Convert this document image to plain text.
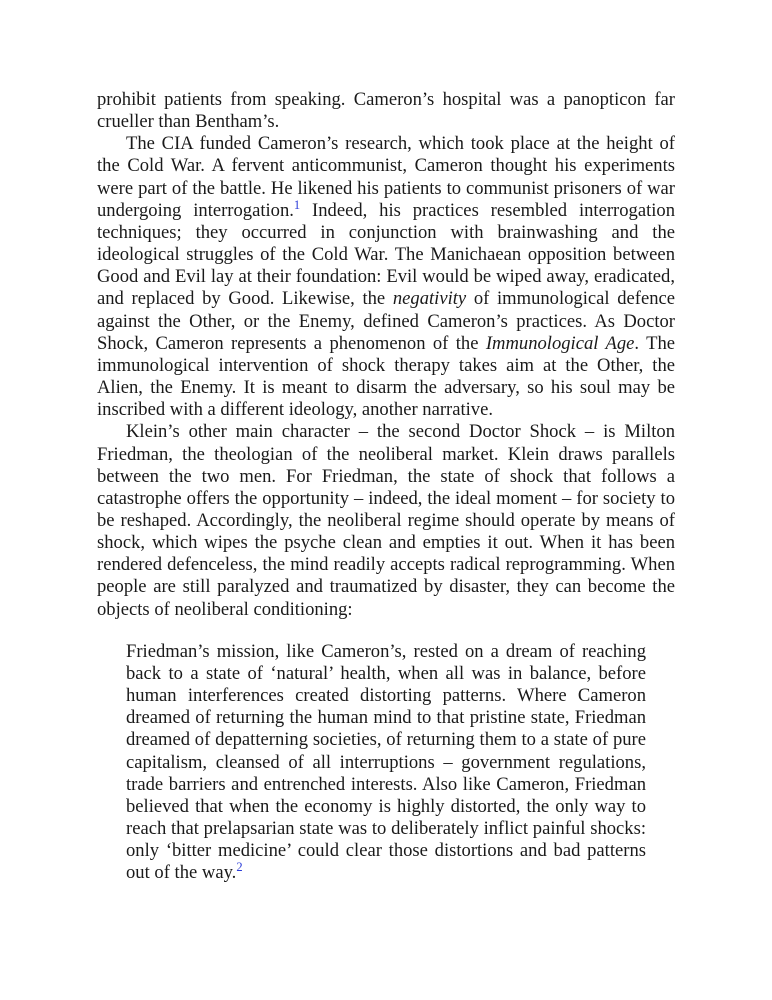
prohibit patients from speaking. Cameron’s hospital was a panopticon far crueller than Bentham’s.

The CIA funded Cameron’s research, which took place at the height of the Cold War. A fervent anticommunist, Cameron thought his experiments were part of the battle. He likened his patients to communist prisoners of war undergoing interrogation.$^1$ Indeed, his practices resembled interrogation techniques; they occurred in conjunction with brainwashing and the ideological struggles of the Cold War. The Manichaean opposition between Good and Evil lay at their foundation: Evil would be wiped away, eradicated, and replaced by Good. Likewise, the negativity of immunological defence against the Other, or the Enemy, defined Cameron’s practices. As Doctor Shock, Cameron represents a phenomenon of the Immunological Age. The immunological intervention of shock therapy takes aim at the Other, the Alien, the Enemy. It is meant to disarm the adversary, so his soul may be inscribed with a different ideology, another narrative.

Klein’s other main character – the second Doctor Shock – is Milton Friedman, the theologian of the neoliberal market. Klein draws parallels between the two men. For Friedman, the state of shock that follows a catastrophe offers the opportunity – indeed, the ideal moment – for society to be reshaped. Accordingly, the neoliberal regime should operate by means of shock, which wipes the psyche clean and empties it out. When it has been rendered defenceless, the mind readily accepts radical reprogramming. When people are still paralyzed and traumatized by disaster, they can become the objects of neoliberal conditioning:

Friedman’s mission, like Cameron’s, rested on a dream of reaching back to a state of ‘natural’ health, when all was in balance, before human interferences created distorting patterns. Where Cameron dreamed of returning the human mind to that pristine state, Friedman dreamed of depatterning societies, of returning them to a state of pure capitalism, cleansed of all interruptions – government regulations, trade barriers and entrenched interests. Also like Cameron, Friedman believed that when the economy is highly distorted, the only way to reach that prelapsarian state was to deliberately inflict painful shocks: only ‘bitter medicine’ could clear those distortions and bad patterns out of the way.$^2$
